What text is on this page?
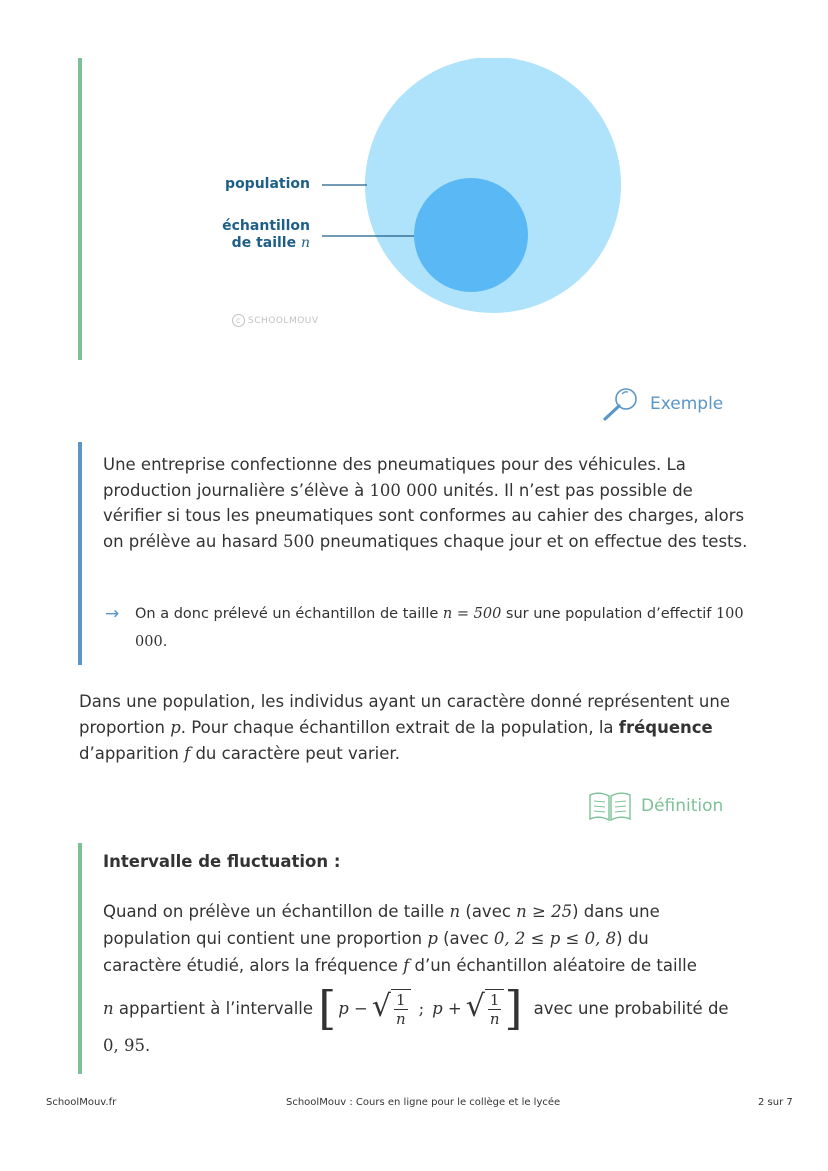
population
échantillon
de taille n
c SCHOOLMOUV
Exemple
Une entreprise confectionne des pneumatiques pour des véhicules. La production journalière s’élève à 100 000 unités. Il n’est pas possible de vérifier si tous les pneumatiques sont conformes au cahier des charges, alors on prélève au hasard 500 pneumatiques chaque jour et on effectue des tests.
→	On a donc prélevé un échantillon de taille n = 500 sur une population d’effectif 100 000.
Dans une population, les individus ayant un caractère donné représentent une proportion p. Pour chaque échantillon extrait de la population, la fréquence d’apparition f du caractère peut varier.
Définition
Intervalle de fluctuation :
Quand on prélève un échantillon de taille n (avec n ≥ 25) dans une
population qui contient une proportion p (avec 0, 2 ≤ p ≤ 0, 8) du
caractère étudié, alors la fréquence f d’un échantillon aléatoire de taille
n appartient à l’intervalle [ p − √ $\frac{1}{n}$ ; p + √ $\frac{1}{n}$ ] avec une probabilité de
0, 95.
SchoolMouv.fr	SchoolMouv : Cours en ligne pour le collège et le lycée	2 sur 7
